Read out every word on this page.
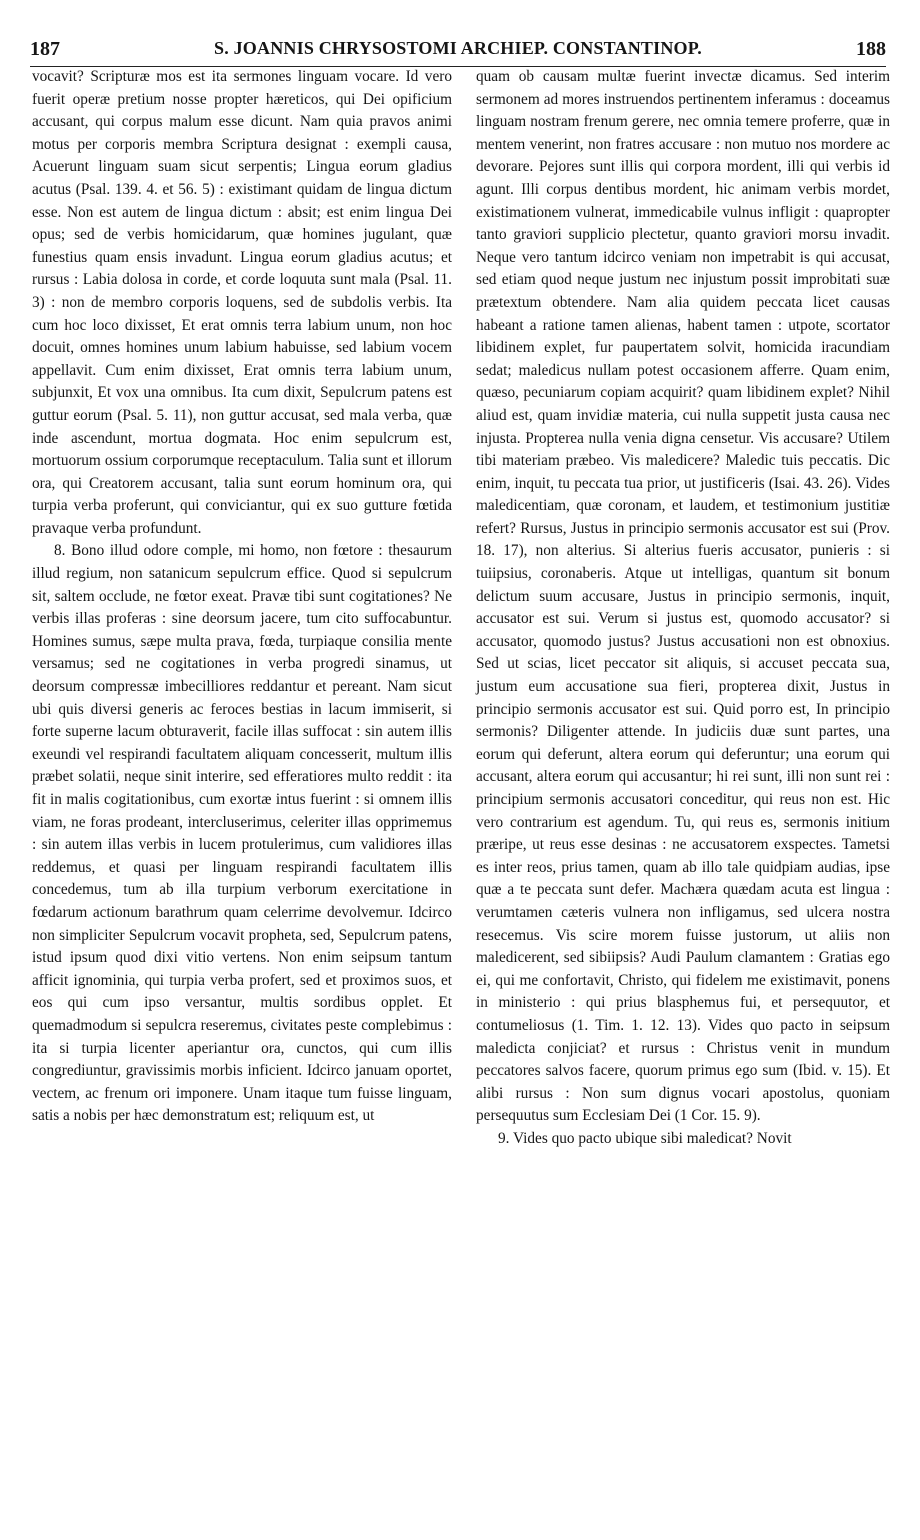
187	S. JOANNIS CHRYSOSTOMI ARCHIEP. CONSTANTINOP.	188

vocavit? Scripturæ mos est ita sermones linguam vocare. Id vero fuerit operæ pretium nosse propter hæreticos, qui Dei opificium accusant, qui corpus malum esse dicunt. Nam quia pravos animi motus per corporis membra Scriptura designat : exempli causa, Acuerunt linguam suam sicut serpentis; Lingua eorum gladius acutus (Psal. 139. 4. et 56. 5) : existimant quidam de lingua dictum esse. Non est autem de lingua dictum : absit; est enim lingua Dei opus; sed de verbis homicidarum, quæ homines jugulant, quæ funestius quam ensis invadunt. Lingua eorum gladius acutus; et rursus : Labia dolosa in corde, et corde loquuta sunt mala (Psal. 11. 3) : non de membro corporis loquens, sed de subdolis verbis. Ita cum hoc loco dixisset, Et erat omnis terra labium unum, non hoc docuit, omnes homines unum labium habuisse, sed labium vocem appellavit. Cum enim dixisset, Erat omnis terra labium unum, subjunxit, Et vox una omnibus. Ita cum dixit, Sepulcrum patens est guttur eorum (Psal. 5. 11), non guttur accusat, sed mala verba, quæ inde ascendunt, mortua dogmata. Hoc enim sepulcrum est, mortuorum ossium corporumque receptaculum. Talia sunt et illorum ora, qui Creatorem accusant, talia sunt eorum hominum ora, qui turpia verba proferunt, qui conviciantur, qui ex suo gutture fœtida pravaque verba profundunt.

8. Bono illud odore comple, mi homo, non fœtore : thesaurum illud regium, non satanicum sepulcrum effice. Quod si sepulcrum sit, saltem occlude, ne fœtor exeat. Pravæ tibi sunt cogitationes? Ne verbis illas proferas : sine deorsum jacere, tum cito suffocabuntur. Homines sumus, sæpe multa prava, fœda, turpiaque consilia mente versamus; sed ne cogitationes in verba progredi sinamus, ut deorsum compressæ imbecilliores reddantur et pereant. Nam sicut ubi quis diversi generis ac feroces bestias in lacum immiserit, si forte superne lacum obturaverit, facile illas suffocat : sin autem illis exeundi vel respirandi facultatem aliquam concesserit, multum illis præbet solatii, neque sinit interire, sed efferatiores multo reddit : ita fit in malis cogitationibus, cum exortæ intus fuerint : si omnem illis viam, ne foras prodeant, intercluserimus, celeriter illas opprimemus : sin autem illas verbis in lucem protulerimus, cum validiores illas reddemus, et quasi per linguam respirandi facultatem illis concedemus, tum ab illa turpium verborum exercitatione in fœdarum actionum barathrum quam celerrime devolvemur. Idcirco non simpliciter Sepulcrum vocavit propheta, sed, Sepulcrum patens, istud ipsum quod dixi vitio vertens. Non enim seipsum tantum afficit ignominia, qui turpia verba profert, sed et proximos suos, et eos qui cum ipso versantur, multis sordibus opplet. Et quemadmodum si sepulcra reseremus, civitates peste complebimus : ita si turpia licenter aperiantur ora, cunctos, qui cum illis congrediuntur, gravissimis morbis inficient. Idcirco januam oportet, vectem, ac frenum ori imponere. Unam itaque tum fuisse linguam, satis a nobis per hæc demonstratum est; reliquum est, ut

quam ob causam multæ fuerint invectæ dicamus. Sed interim sermonem ad mores instruendos pertinentem inferamus : doceamus linguam nostram frenum gerere, nec omnia temere proferre, quæ in mentem venerint, non fratres accusare : non mutuo nos mordere ac devorare. Pejores sunt illis qui corpora mordent, illi qui verbis id agunt. Illi corpus dentibus mordent, hic animam verbis mordet, existimationem vulnerat, immedicabile vulnus infligit : quapropter tanto graviori supplicio plectetur, quanto graviori morsu invadit. Neque vero tantum idcirco veniam non impetrabit is qui accusat, sed etiam quod neque justum nec injustum possit improbitati suæ prætextum obtendere. Nam alia quidem peccata licet causas habeant a ratione tamen alienas, habent tamen : utpote, scortator libidinem explet, fur paupertatem solvit, homicida iracundiam sedat; maledicus nullam potest occasionem afferre. Quam enim, quæso, pecuniarum copiam acquirit? quam libidinem explet? Nihil aliud est, quam invidiæ materia, cui nulla suppetit justa causa nec injusta. Propterea nulla venia digna censetur. Vis accusare? Utilem tibi materiam præbeo. Vis maledicere? Maledic tuis peccatis. Dic enim, inquit, tu peccata tua prior, ut justificeris (Isai. 43. 26). Vides maledicentiam, quæ coronam, et laudem, et testimonium justitiæ refert? Rursus, Justus in principio sermonis accusator est sui (Prov. 18. 17), non alterius. Si alterius fueris accusator, punieris : si tuiipsius, coronaberis. Atque ut intelligas, quantum sit bonum delictum suum accusare, Justus in principio sermonis, inquit, accusator est sui. Verum si justus est, quomodo accusator? si accusator, quomodo justus? Justus accusationi non est obnoxius. Sed ut scias, licet peccator sit aliquis, si accuset peccata sua, justum eum accusatione sua fieri, propterea dixit, Justus in principio sermonis accusator est sui. Quid porro est, In principio sermonis? Diligenter attende. In judiciis duæ sunt partes, una eorum qui deferunt, altera eorum qui deferuntur; una eorum qui accusant, altera eorum qui accusantur; hi rei sunt, illi non sunt rei : principium sermonis accusatori conceditur, qui reus non est. Hic vero contrarium est agendum. Tu, qui reus es, sermonis initium præripe, ut reus esse desinas : ne accusatorem exspectes. Tametsi es inter reos, prius tamen, quam ab illo tale quidpiam audias, ipse quæ a te peccata sunt defer. Machæra quædam acuta est lingua : verumtamen cæteris vulnera non infligamus, sed ulcera nostra resecemus. Vis scire morem fuisse justorum, ut aliis non maledicerent, sed sibiipsis? Audi Paulum clamantem : Gratias ego ei, qui me confortavit, Christo, qui fidelem me existimavit, ponens in ministerio : qui prius blasphemus fui, et persequutor, et contumeliosus (1. Tim. 1. 12. 13). Vides quo pacto in seipsum maledicta conjiciat? et rursus : Christus venit in mundum peccatores salvos facere, quorum primus ego sum (Ibid. v. 15). Et alibi rursus : Non sum dignus vocari apostolus, quoniam persequutus sum Ecclesiam Dei (1 Cor. 15. 9).

9. Vides quo pacto ubique sibi maledicat? Novit
